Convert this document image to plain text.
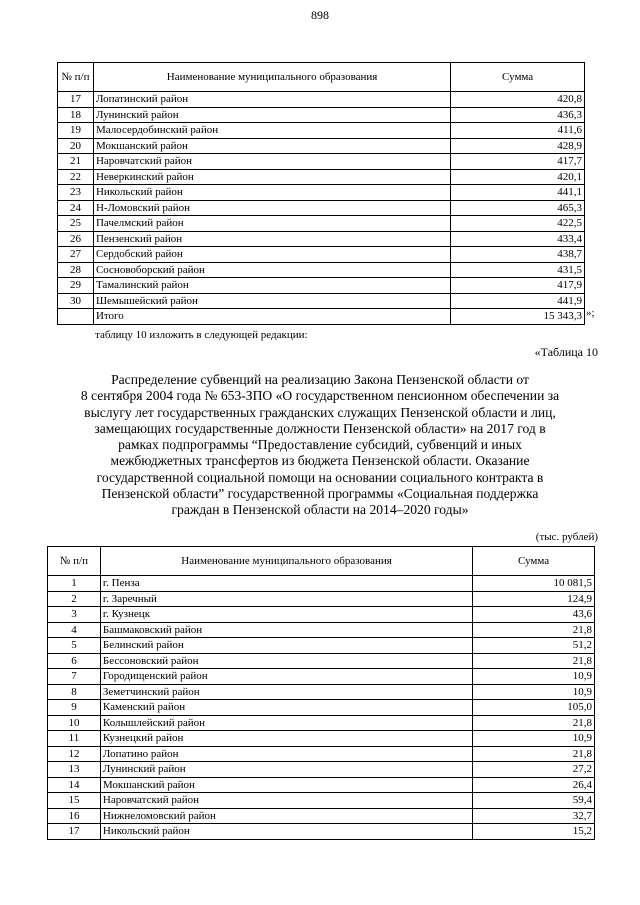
898
№ п/п	Наименование муниципального образования	Сумма
17	Лопатинский район	420,8
18	Лунинский район	436,3
19	Малосердобинский район	411,6
20	Мокшанский район	428,9
21	Наровчатский район	417,7
22	Неверкинский район	420,1
23	Никольский район	441,1
24	Н-Ломовский район	465,3
25	Пачелмский район	422,5
26	Пензенский район	433,4
27	Сердобский район	438,7
28	Сосновоборский район	431,5
29	Тамалинский район	417,9
30	Шемышейский район	441,9
	Итого	15 343,3 »;
таблицу 10 изложить в следующей редакции:
«Таблица 10
Распределение субвенций на реализацию Закона Пензенской области от
8 сентября 2004 года № 653-ЗПО «О государственном пенсионном обеспечении за
выслугу лет государственных гражданских служащих Пензенской области и лиц,
замещающих государственные должности Пензенской области» на 2017 год в
рамках подпрограммы “Предоставление субсидий, субвенций и иных
межбюджетных трансфертов из бюджета Пензенской области. Оказание
государственной социальной помощи на основании социального контракта в
Пензенской области” государственной программы «Социальная поддержка
граждан в Пензенской области на 2014–2020 годы»
(тыс. рублей)
№ п/п	Наименование муниципального образования	Сумма
1	г. Пенза	10 081,5
2	г. Заречный	124,9
3	г. Кузнецк	43,6
4	Башмаковский район	21,8
5	Белинский район	51,2
6	Бессоновский район	21,8
7	Городищенский район	10,9
8	Земетчинский район	10,9
9	Каменский район	105,0
10	Колышлейский район	21,8
11	Кузнецкий район	10,9
12	Лопатино район	21,8
13	Лунинский район	27,2
14	Мокшанский район	26,4
15	Наровчатский район	59,4
16	Нижнеломовский район	32,7
17	Никольский район	15,2
